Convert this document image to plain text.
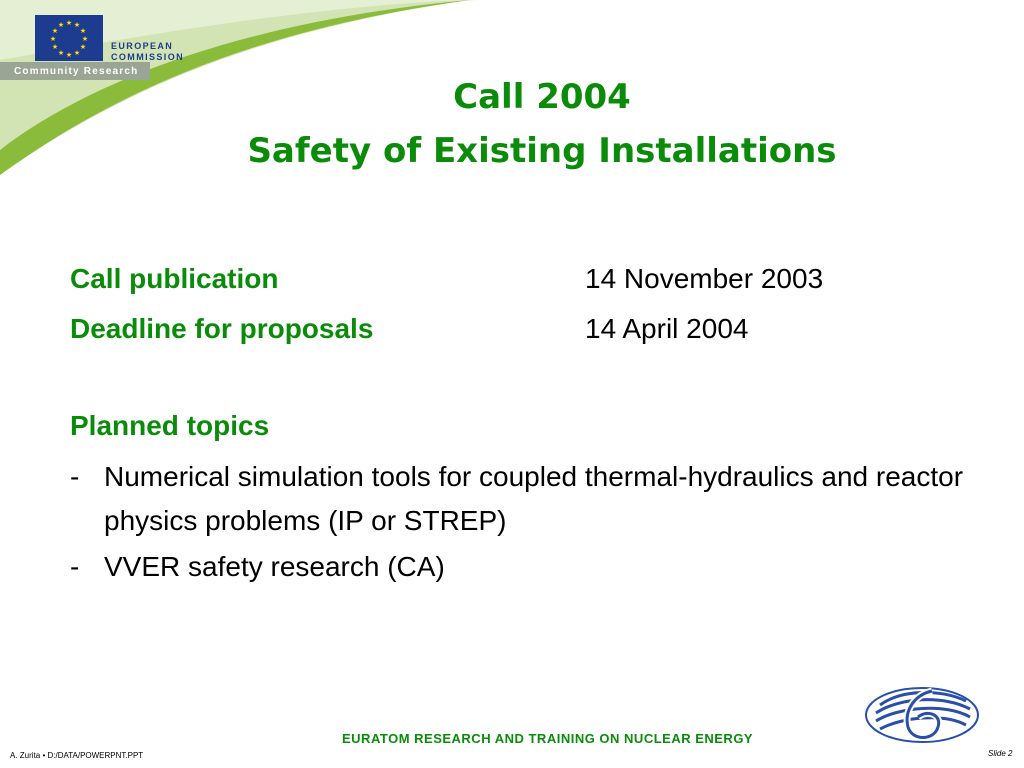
★ ★
★
★
★
★
★
★
★
★
★
★
EUROPEAN
COMMISSION
Community Research
Call 2004
Safety of Existing Installations
Call publication	14 November 2003
Deadline for proposals	14 April 2004
Planned topics
- Numerical simulation tools for coupled thermal-hydraulics and reactor physics problems (IP or STREP)
- VVER safety research (CA)
EURATOM RESEARCH AND TRAINING ON NUCLEAR ENERGY
A. Zurita • D:/DATA/POWERPNT.PPT	Slide 2
